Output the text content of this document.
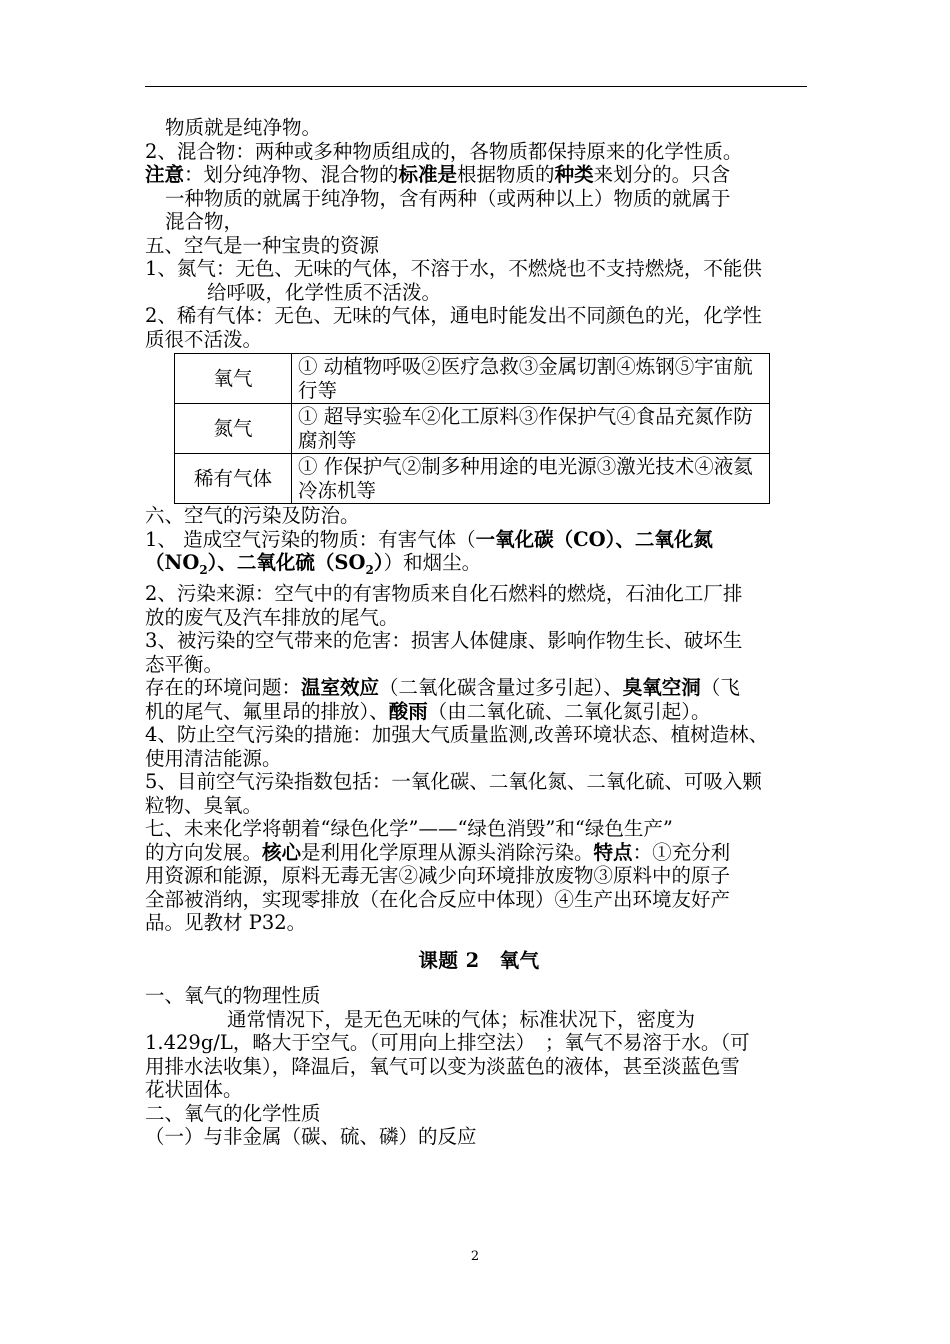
物质就是纯净物。

2、混合物：两种或多种物质组成的，各物质都保持原来的化学性质。

注意：划分纯净物、混合物的标准是根据物质的种类来划分的。只含

一种物质的就属于纯净物，含有两种（或两种以上）物质的就属于

混合物，

五、空气是一种宝贵的资源

1、氮气：无色、无味的气体，不溶于水，不燃烧也不支持燃烧，不能供

给呼吸，化学性质不活泼。

2、稀有气体：无色、无味的气体，通电时能发出不同颜色的光，化学性

质很不活泼。

氧气	① 动植物呼吸②医疗急救③金属切割④炼钢⑤宇宙航行等
氮气	① 超导实验车②化工原料③作保护气④食品充氮作防腐剂等
稀有气体	① 作保护气②制多种用途的电光源③激光技术④液氦冷冻机等

六、空气的污染及防治。

1、 造成空气污染的物质：有害气体（一氧化碳（CO）、二氧化氮

$(NO_2)$、二氧化硫$(SO_2)$）和烟尘。

2、污染来源：空气中的有害物质来自化石燃料的燃烧，石油化工厂排

放的废气及汽车排放的尾气。

3、被污染的空气带来的危害：损害人体健康、影响作物生长、破坏生

态平衡。

存在的环境问题：温室效应（二氧化碳含量过多引起）、臭氧空洞（飞

机的尾气、氟里昂的排放）、酸雨（由二氧化硫、二氧化氮引起）。

4、防止空气污染的措施：加强大气质量监测,改善环境状态、植树造林、

使用清洁能源。

5、目前空气污染指数包括：一氧化碳、二氧化氮、二氧化硫、可吸入颗

粒物、臭氧。

七、未来化学将朝着“绿色化学”——“绿色消毁”和“绿色生产”

的方向发展。核心是利用化学原理从源头消除污染。特点：①充分利

用资源和能源，原料无毒无害②减少向环境排放废物③原料中的原子

全部被消纳，实现零排放（在化合反应中体现）④生产出环境友好产

品。见教材 P32。

课题 2　氧气

一、氧气的物理性质

通常情况下，是无色无味的气体；标准状况下，密度为

1.429g/L，略大于空气。（可用向上排空法）　；氧气不易溶于水。（可

用排水法收集），降温后，氧气可以变为淡蓝色的液体，甚至淡蓝色雪

花状固体。

二、氧气的化学性质

（一）与非金属（碳、硫、磷）的反应

2
